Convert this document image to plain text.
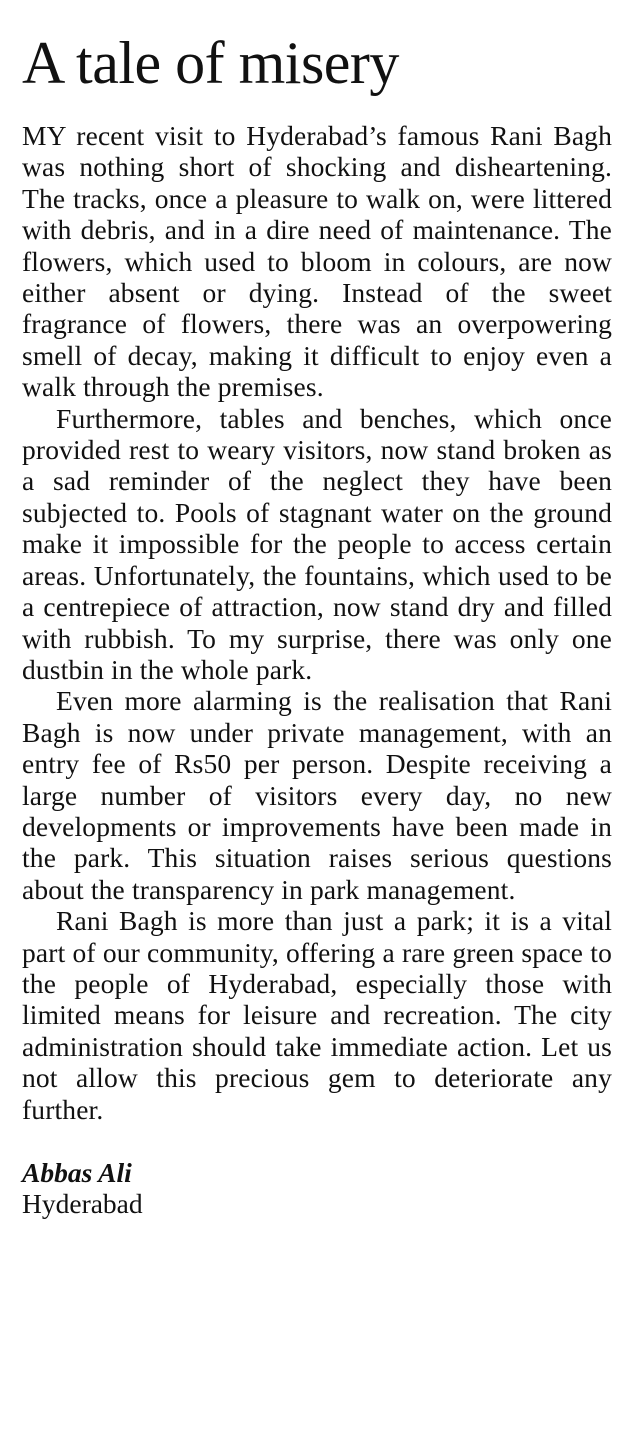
A tale of misery

MY recent visit to Hyderabad’s famous Rani Bagh was nothing short of shocking and disheartening. The tracks, once a pleasure to walk on, were littered with debris, and in a dire need of maintenance. The flowers, which used to bloom in colours, are now either absent or dying. Instead of the sweet fragrance of flowers, there was an overpowering smell of decay, making it difficult to enjoy even a walk through the premises.

Furthermore, tables and benches, which once provided rest to weary visitors, now stand broken as a sad reminder of the neglect they have been subjected to. Pools of stagnant water on the ground make it impossible for the people to access certain areas. Unfortunately, the fountains, which used to be a centrepiece of attraction, now stand dry and filled with rubbish. To my surprise, there was only one dustbin in the whole park.

Even more alarming is the realisation that Rani Bagh is now under private management, with an entry fee of Rs50 per person. Despite receiving a large number of visitors every day, no new developments or improvements have been made in the park. This situation raises serious questions about the transparency in park management.

Rani Bagh is more than just a park; it is a vital part of our community, offering a rare green space to the people of Hyderabad, especially those with limited means for leisure and recreation. The city administration should take immediate action. Let us not allow this precious gem to deteriorate any further.

Abbas Ali
Hyderabad
